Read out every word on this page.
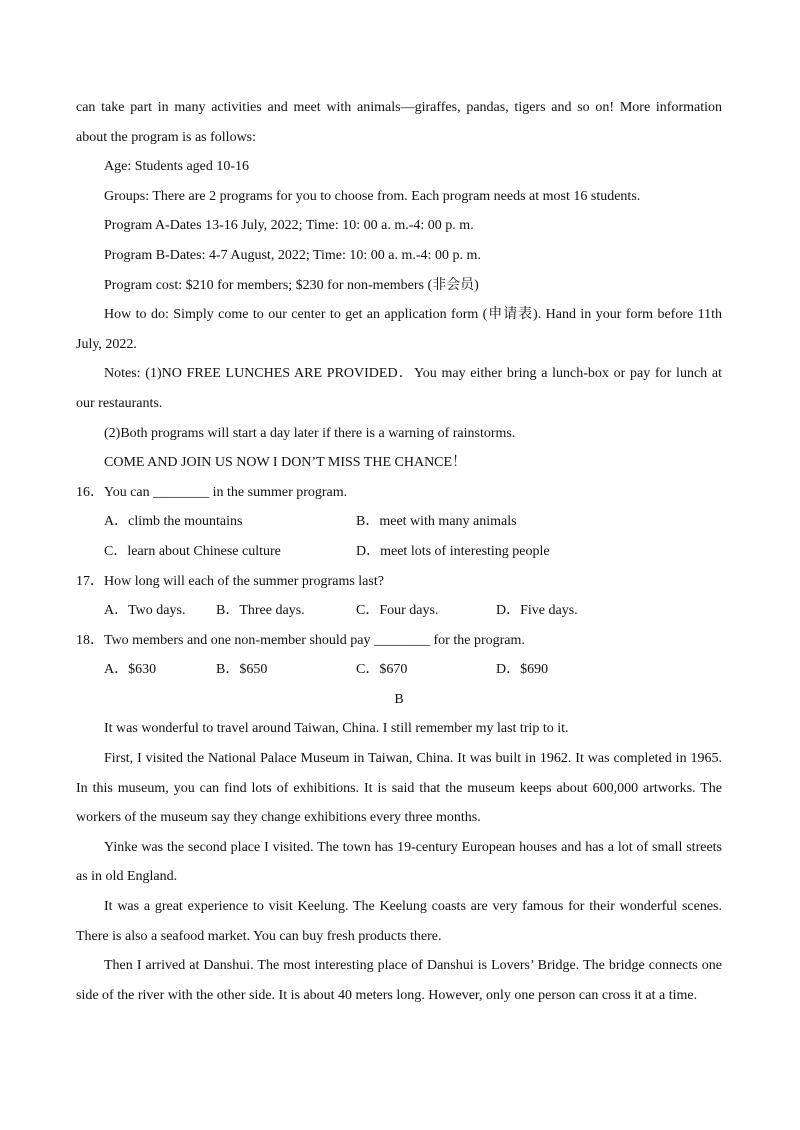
can take part in many activities and meet with animals—giraffes, pandas, tigers and so on! More information
about the program is as follows:
Age: Students aged 10-16
Groups: There are 2 programs for you to choose from. Each program needs at most 16 students.
Program A-Dates 13-16 July, 2022; Time: 10: 00 a. m.-4: 00 p. m.
Program B-Dates: 4-7 August, 2022; Time: 10: 00 a. m.-4: 00 p. m.
Program cost: $210 for members; $230 for non-members (非会员)
How to do: Simply come to our center to get an application form (申请表). Hand in your form before 11th
July, 2022.
Notes: (1)NO FREE LUNCHES ARE PROVIDED．You may either bring a lunch-box or pay for lunch at
our restaurants.
(2)Both programs will start a day later if there is a warning of rainstorms.
COME AND JOIN US NOW I DON’T MISS THE CHANCE！
16．You can ________ in the summer program.
A．climb the mountains	B．meet with many animals
C．learn about Chinese culture	D．meet lots of interesting people
17．How long will each of the summer programs last?
A．Two days. B．Three days.	C．Four days.	D．Five days.
18．Two members and one non-member should pay ________ for the program.
A．$630	B．$650	C．$670	D．$690
B
It was wonderful to travel around Taiwan, China. I still remember my last trip to it.
First, I visited the National Palace Museum in Taiwan, China. It was built in 1962. It was completed in 1965.
In this museum, you can find lots of exhibitions. It is said that the museum keeps about 600,000 artworks. The
workers of the museum say they change exhibitions every three months.
Yinke was the second place I visited. The town has 19-century European houses and has a lot of small streets
as in old England.
It was a great experience to visit Keelung. The Keelung coasts are very famous for their wonderful scenes.
There is also a seafood market. You can buy fresh products there.
Then I arrived at Danshui. The most interesting place of Danshui is Lovers’ Bridge. The bridge connects one
side of the river with the other side. It is about 40 meters long. However, only one person can cross it at a time.
